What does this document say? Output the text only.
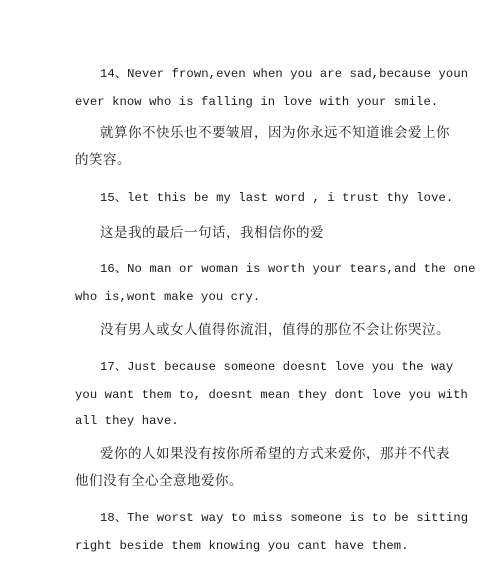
14、Never frown,even when you are sad,because youn

ever know who is falling in love with your smile.

就算你不快乐也不要皱眉，因为你永远不知道谁会爱上你

的笑容。

15、let this be my last word , i trust thy love.

这是我的最后一句话，我相信你的爱

16、No man or woman is worth your tears,and the one

who is,wont make you cry.

没有男人或女人值得你流泪，值得的那位不会让你哭泣。

17、Just because someone doesnt love you the way

you want them to, doesnt mean they dont love you with

all they have.

爱你的人如果没有按你所希望的方式来爱你，那并不代表

他们没有全心全意地爱你。

18、The worst way to miss someone is to be sitting

right beside them knowing you cant have them.
